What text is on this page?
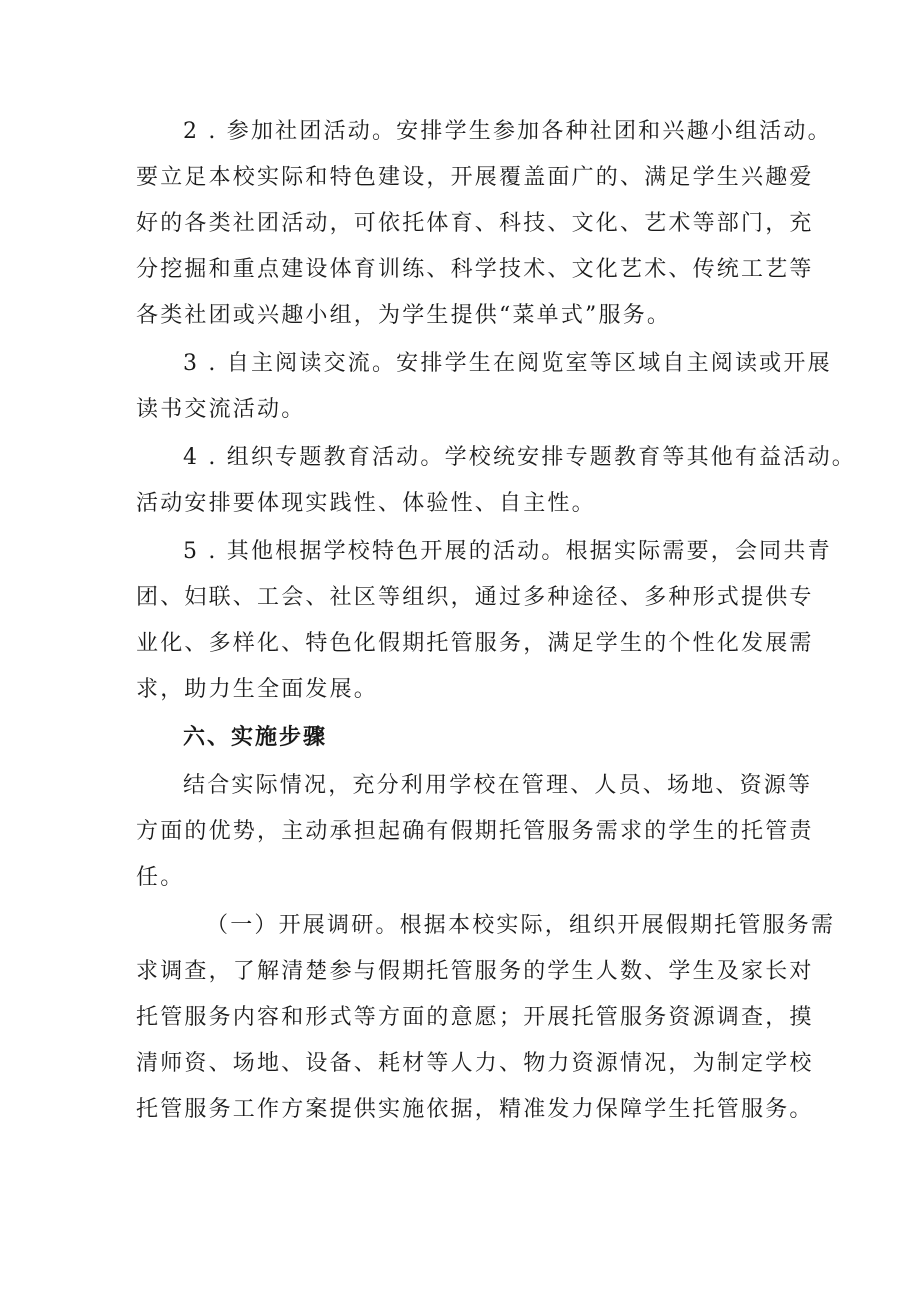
2 . 参加社团活动。安排学生参加各种社团和兴趣小组活动。
要立足本校实际和特色建设，开展覆盖面广的、满足学生兴趣爱
好的各类社团活动，可依托体育、科技、文化、艺术等部门，充
分挖掘和重点建设体育训练、科学技术、文化艺术、传统工艺等
各类社团或兴趣小组，为学生提供“菜单式”服务。
3 . 自主阅读交流。安排学生在阅览室等区域自主阅读或开展
读书交流活动。
4 . 组织专题教育活动。学校统安排专题教育等其他有益活动。
活动安排要体现实践性、体验性、自主性。
5 . 其他根据学校特色开展的活动。根据实际需要，会同共青
团、妇联、工会、社区等组织，通过多种途径、多种形式提供专
业化、多样化、特色化假期托管服务，满足学生的个性化发展需
求，助力生全面发展。
六、实施步骤
结合实际情况，充分利用学校在管理、人员、场地、资源等
方面的优势，主动承担起确有假期托管服务需求的学生的托管责
任。
（一）开展调研。根据本校实际，组织开展假期托管服务需
求调查，了解清楚参与假期托管服务的学生人数、学生及家长对
托管服务内容和形式等方面的意愿；开展托管服务资源调查，摸
清师资、场地、设备、耗材等人力、物力资源情况，为制定学校
托管服务工作方案提供实施依据，精准发力保障学生托管服务。
